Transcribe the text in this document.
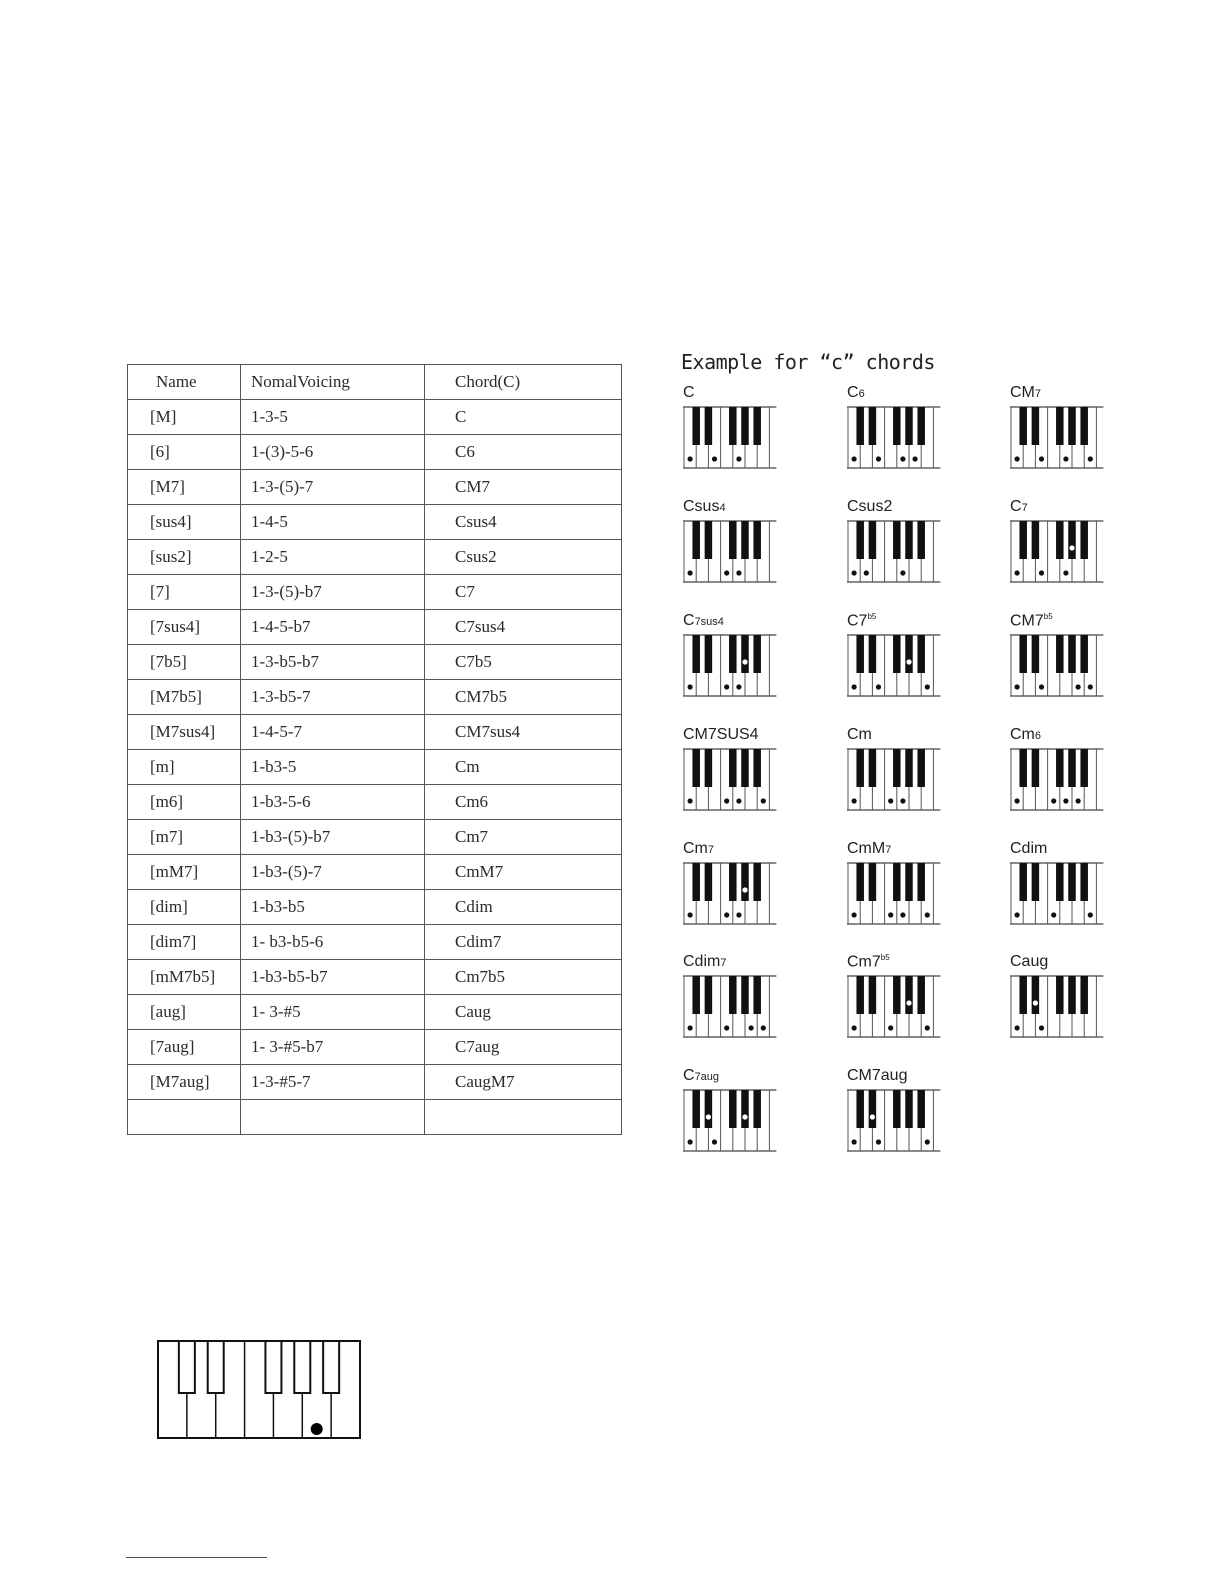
Name	NomalVoicing	Chord(C)
[M]	1-3-5	C
[6]	1-(3)-5-6	C6
[M7]	1-3-(5)-7	CM7
[sus4]	1-4-5	Csus4
[sus2]	1-2-5	Csus2
[7]	1-3-(5)-b7	C7
[7sus4]	1-4-5-b7	C7sus4
[7b5]	1-3-b5-b7	C7b5
[M7b5]	1-3-b5-7	CM7b5
[M7sus4]	1-4-5-7	CM7sus4
[m]	1-b3-5	Cm
[m6]	1-b3-5-6	Cm6
[m7]	1-b3-(5)-b7	Cm7
[mM7]	1-b3-(5)-7	CmM7
[dim]	1-b3-b5	Cdim
[dim7]	1- b3-b5-6	Cdim7
[mM7b5]	1-b3-b5-b7	Cm7b5
[aug]	1- 3-#5	Caug
[7aug]	1- 3-#5-b7	C7aug
[M7aug]	1-3-#5-7	CaugM7

Example for “c” chords
C	C6	CM7
Csus4	Csus2	C7
C7sus4	$C7^{b5}$	$CM7^{b5}$
CM7SUS4	Cm	Cm6
Cm7	CmM7	Cdim
Cdim7	$Cm7^{b5}$	Caug
C7aug	CM7aug
